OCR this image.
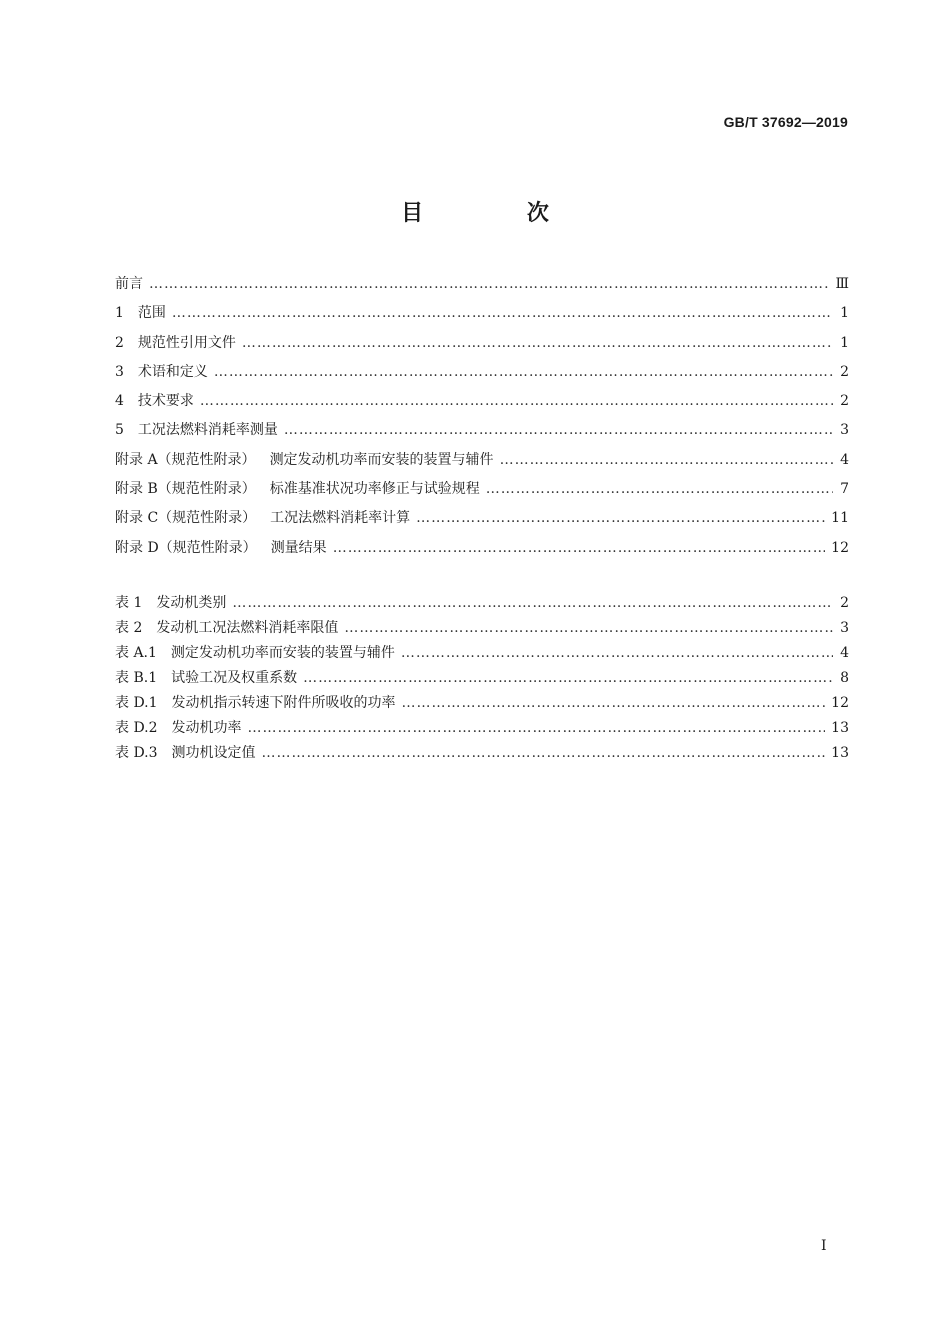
GB/T 37692—2019
目 次
前言 …………………………………………………………………………………………………………………………………………………………………………………………	Ⅲ
1 范围 …………………………………………………………………………………………………………………………………………………………………………………………	1
2 规范性引用文件 …………………………………………………………………………………………………………………………………………………………………………………………	1
3 术语和定义 …………………………………………………………………………………………………………………………………………………………………………………………	2
4 技术要求 …………………………………………………………………………………………………………………………………………………………………………………………	2
5 工况法燃料消耗率测量 …………………………………………………………………………………………………………………………………………………………………………………………	3
附录 A（规范性附录） 测定发动机功率而安装的装置与辅件 …………………………………………………………………………………………………………………………………………………………………………………………	4
附录 B（规范性附录） 标准基准状况功率修正与试验规程 …………………………………………………………………………………………………………………………………………………………………………………………	7
附录 C（规范性附录） 工况法燃料消耗率计算 …………………………………………………………………………………………………………………………………………………………………………………………	11
附录 D（规范性附录） 测量结果 …………………………………………………………………………………………………………………………………………………………………………………………	12
表 1 发动机类别 …………………………………………………………………………………………………………………………………………………………………………………………	2
表 2 发动机工况法燃料消耗率限值 …………………………………………………………………………………………………………………………………………………………………………………………	3
表 A.1 测定发动机功率而安装的装置与辅件 …………………………………………………………………………………………………………………………………………………………………………………………	4
表 B.1 试验工况及权重系数 …………………………………………………………………………………………………………………………………………………………………………………………	8
表 D.1 发动机指示转速下附件所吸收的功率 …………………………………………………………………………………………………………………………………………………………………………………………	12
表 D.2 发动机功率 …………………………………………………………………………………………………………………………………………………………………………………………	13
表 D.3 测功机设定值 …………………………………………………………………………………………………………………………………………………………………………………………	13
I
